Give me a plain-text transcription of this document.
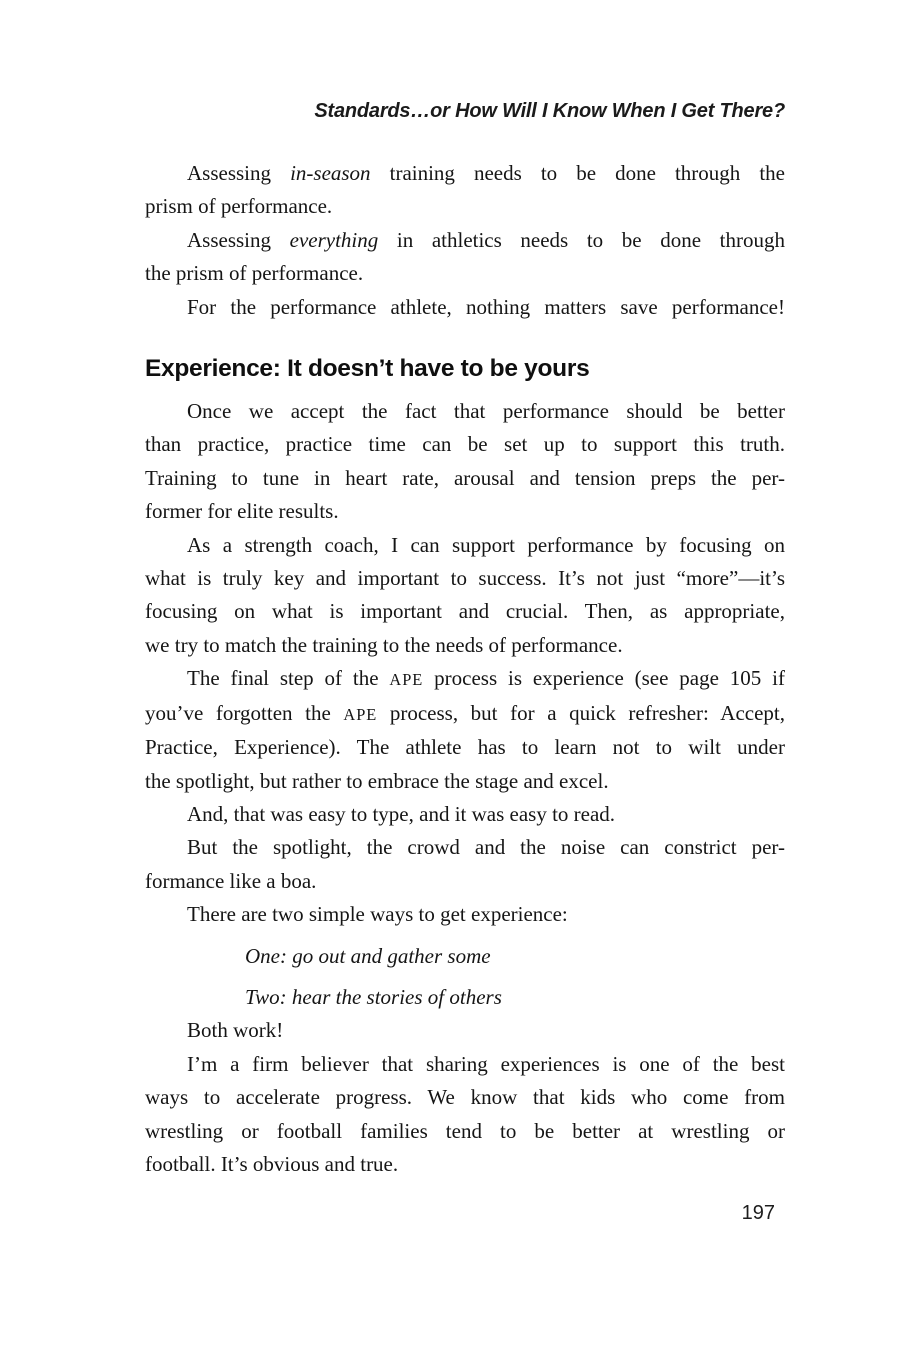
Standards…or How Will I Know When I Get There?
Assessing in-season training needs to be done through the
prism of performance.
Assessing everything in athletics needs to be done through
the prism of performance.
For the performance athlete, nothing matters save performance!
Experience: It doesn’t have to be yours
Once we accept the fact that performance should be better
than practice, practice time can be set up to support this truth.
Training to tune in heart rate, arousal and tension preps the per-
former for elite results.
As a strength coach, I can support performance by focusing on
what is truly key and important to success. It’s not just “more”—it’s
focusing on what is important and crucial. Then, as appropriate,
we try to match the training to the needs of performance.
The final step of the APE process is experience (see page 105 if
you’ve forgotten the APE process, but for a quick refresher: Accept,
Practice, Experience). The athlete has to learn not to wilt under
the spotlight, but rather to embrace the stage and excel.
And, that was easy to type, and it was easy to read.
But the spotlight, the crowd and the noise can constrict per-
formance like a boa.
There are two simple ways to get experience:
One: go out and gather some
Two: hear the stories of others
Both work!
I’m a firm believer that sharing experiences is one of the best
ways to accelerate progress. We know that kids who come from
wrestling or football families tend to be better at wrestling or
football. It’s obvious and true.
197
